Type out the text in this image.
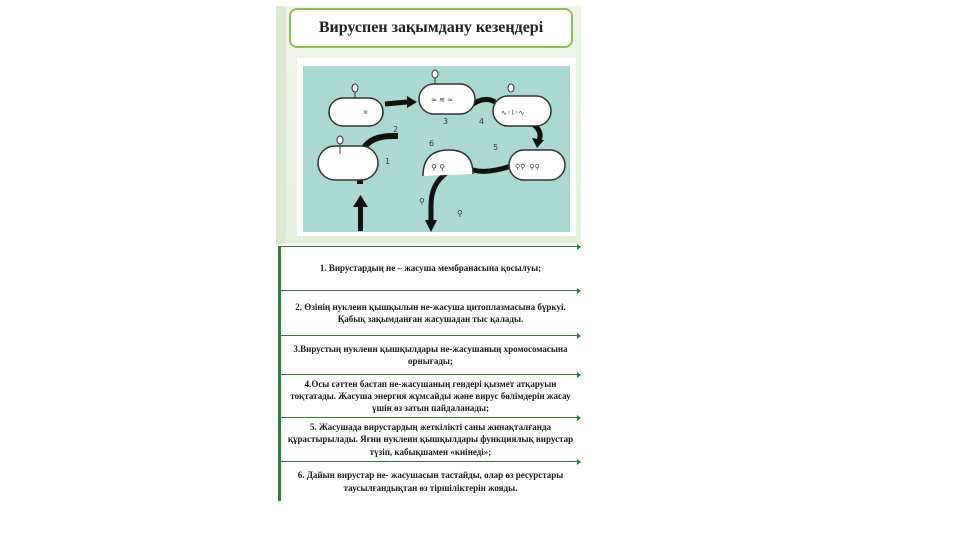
Вируспен зақымдану кезеңдері
≋
≈ ≋ ≈
∿◦⌇◦∿
⚲⚲◦⚲⚲
⚲ ⚲
⚲
⚲
2
1
3	4
5
6
1. Вирустардың не – жасуша мембранасына қосылуы;
2. Өзінің нуклеин қышқылын не-жасуша цитоплазмасына бүркуі. Қабық зақымданған жасушадан тыс қалады.
3.Вирустың нуклеин қышқылдары не-жасушаның хромосомасына орнығады;
4.Осы сәттен бастап не-жасушаның гендері қызмет атқаруын тоқтатады. Жасуша энергия жұмсайды және вирус бөлімдерін жасау үшін өз затын пайдаланады;
5. Жасушада вирустардың жеткілікті саны жинақталғанда құрастырылады. Яғни нуклеин қышқылдары функциялық вирустар түзіп, кабықшамен «киінеді»;
6. Дайын вирустар не- жасушасын тастайды, олар өз ресурстары таусылғандықтан өз тіршіліктерін жояды.
